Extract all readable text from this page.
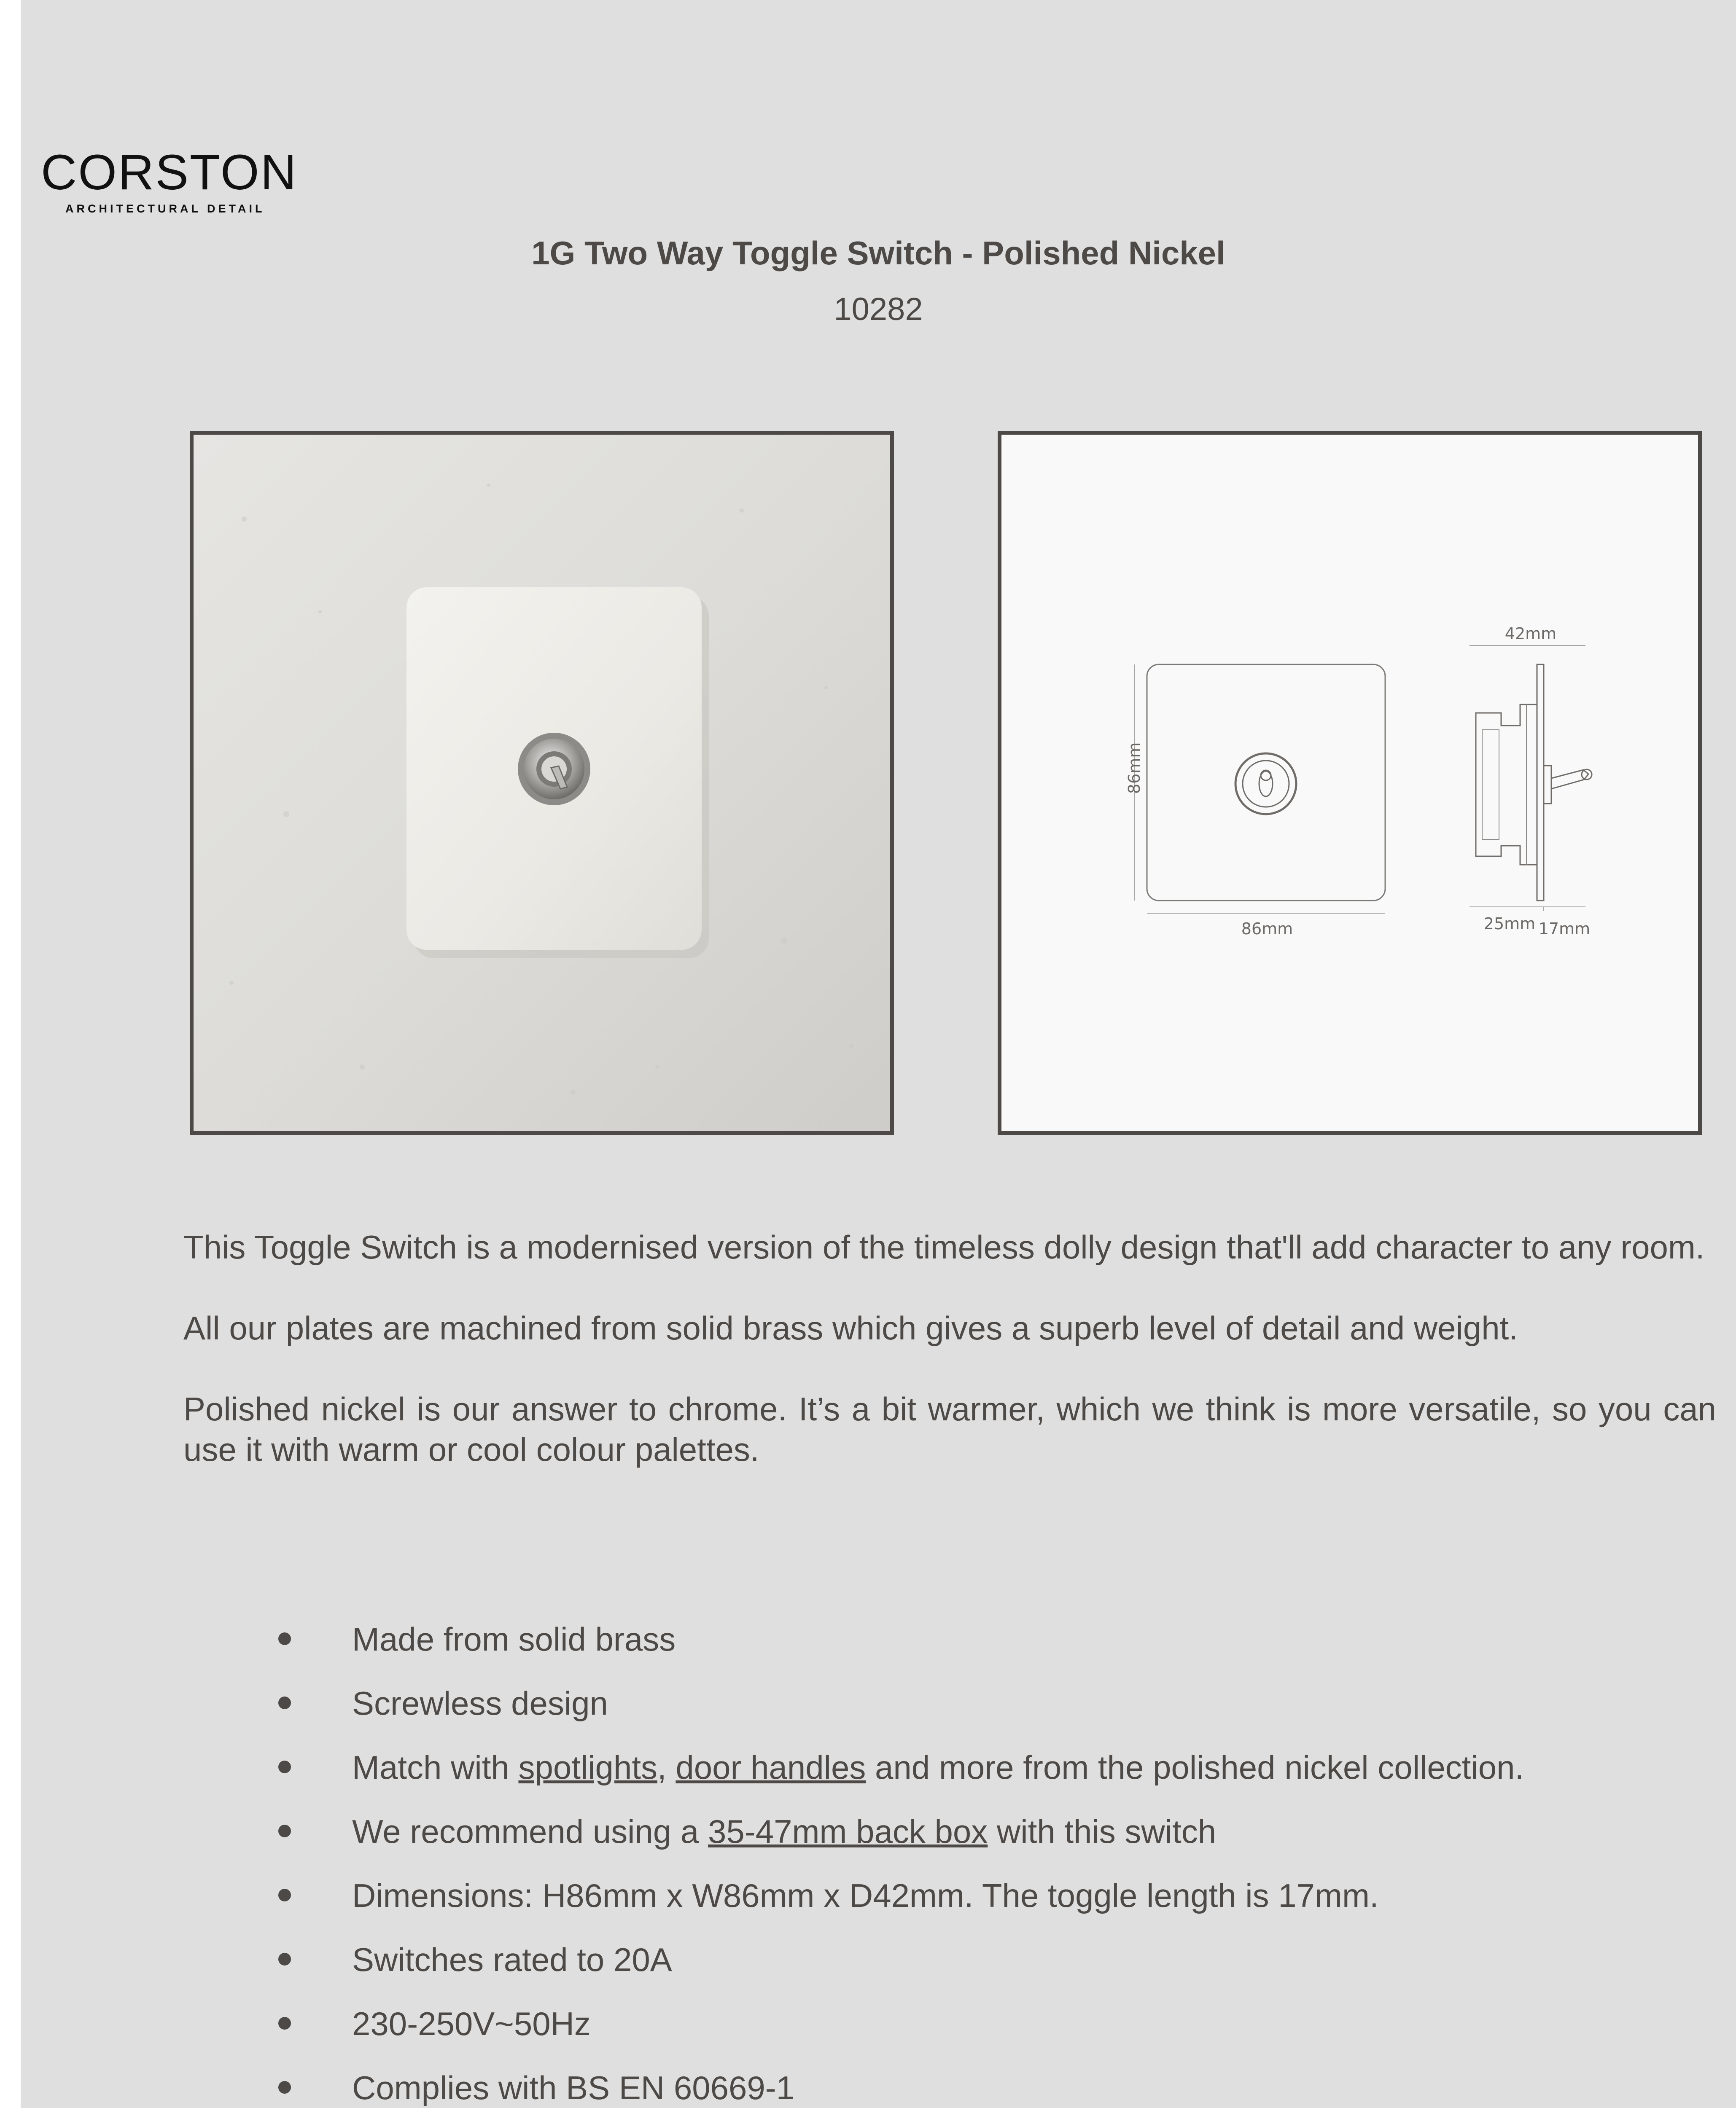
CORSTON
ARCHITECTURAL DETAIL
1G Two Way Toggle Switch - Polished Nickel
10282
86mm
86mm
42mm
25mm 17mm

This Toggle Switch is a modernised version of the timeless dolly design that'll add character to any room.

All our plates are machined from solid brass which gives a superb level of detail and weight.

Polished nickel is our answer to chrome. It’s a bit warmer, which we think is more versatile, so you can use it with warm or cool colour palettes.

Made from solid brass
Screwless design
Match with spotlights, door handles and more from the polished nickel collection.
We recommend using a 35-47mm back box with this switch
Dimensions: H86mm x W86mm x D42mm. The toggle length is 17mm.
Switches rated to 20A
230-250V~50Hz
Complies with BS EN 60669-1
